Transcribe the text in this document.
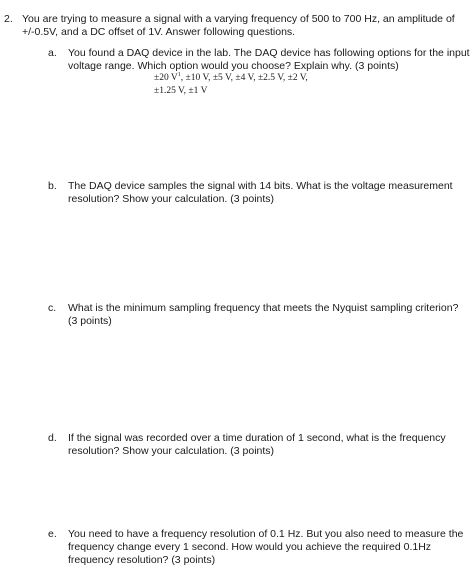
2. You are trying to measure a signal with a varying frequency of 500 to 700 Hz, an amplitude of +/-0.5V, and a DC offset of 1V. Answer following questions.
a. You found a DAQ device in the lab. The DAQ device has following options for the input voltage range. Which option would you choose? Explain why. (3 points)
±20 $V^1$, ±10 V, ±5 V, ±4 V, ±2.5 V, ±2 V,
±1.25 V, ±1 V
b. The DAQ device samples the signal with 14 bits. What is the voltage measurement resolution? Show your calculation. (3 points)
c. What is the minimum sampling frequency that meets the Nyquist sampling criterion? (3 points)
d. If the signal was recorded over a time duration of 1 second, what is the frequency resolution? Show your calculation. (3 points)
e. You need to have a frequency resolution of 0.1 Hz. But you also need to measure the frequency change every 1 second. How would you achieve the required 0.1Hz frequency resolution? (3 points)
